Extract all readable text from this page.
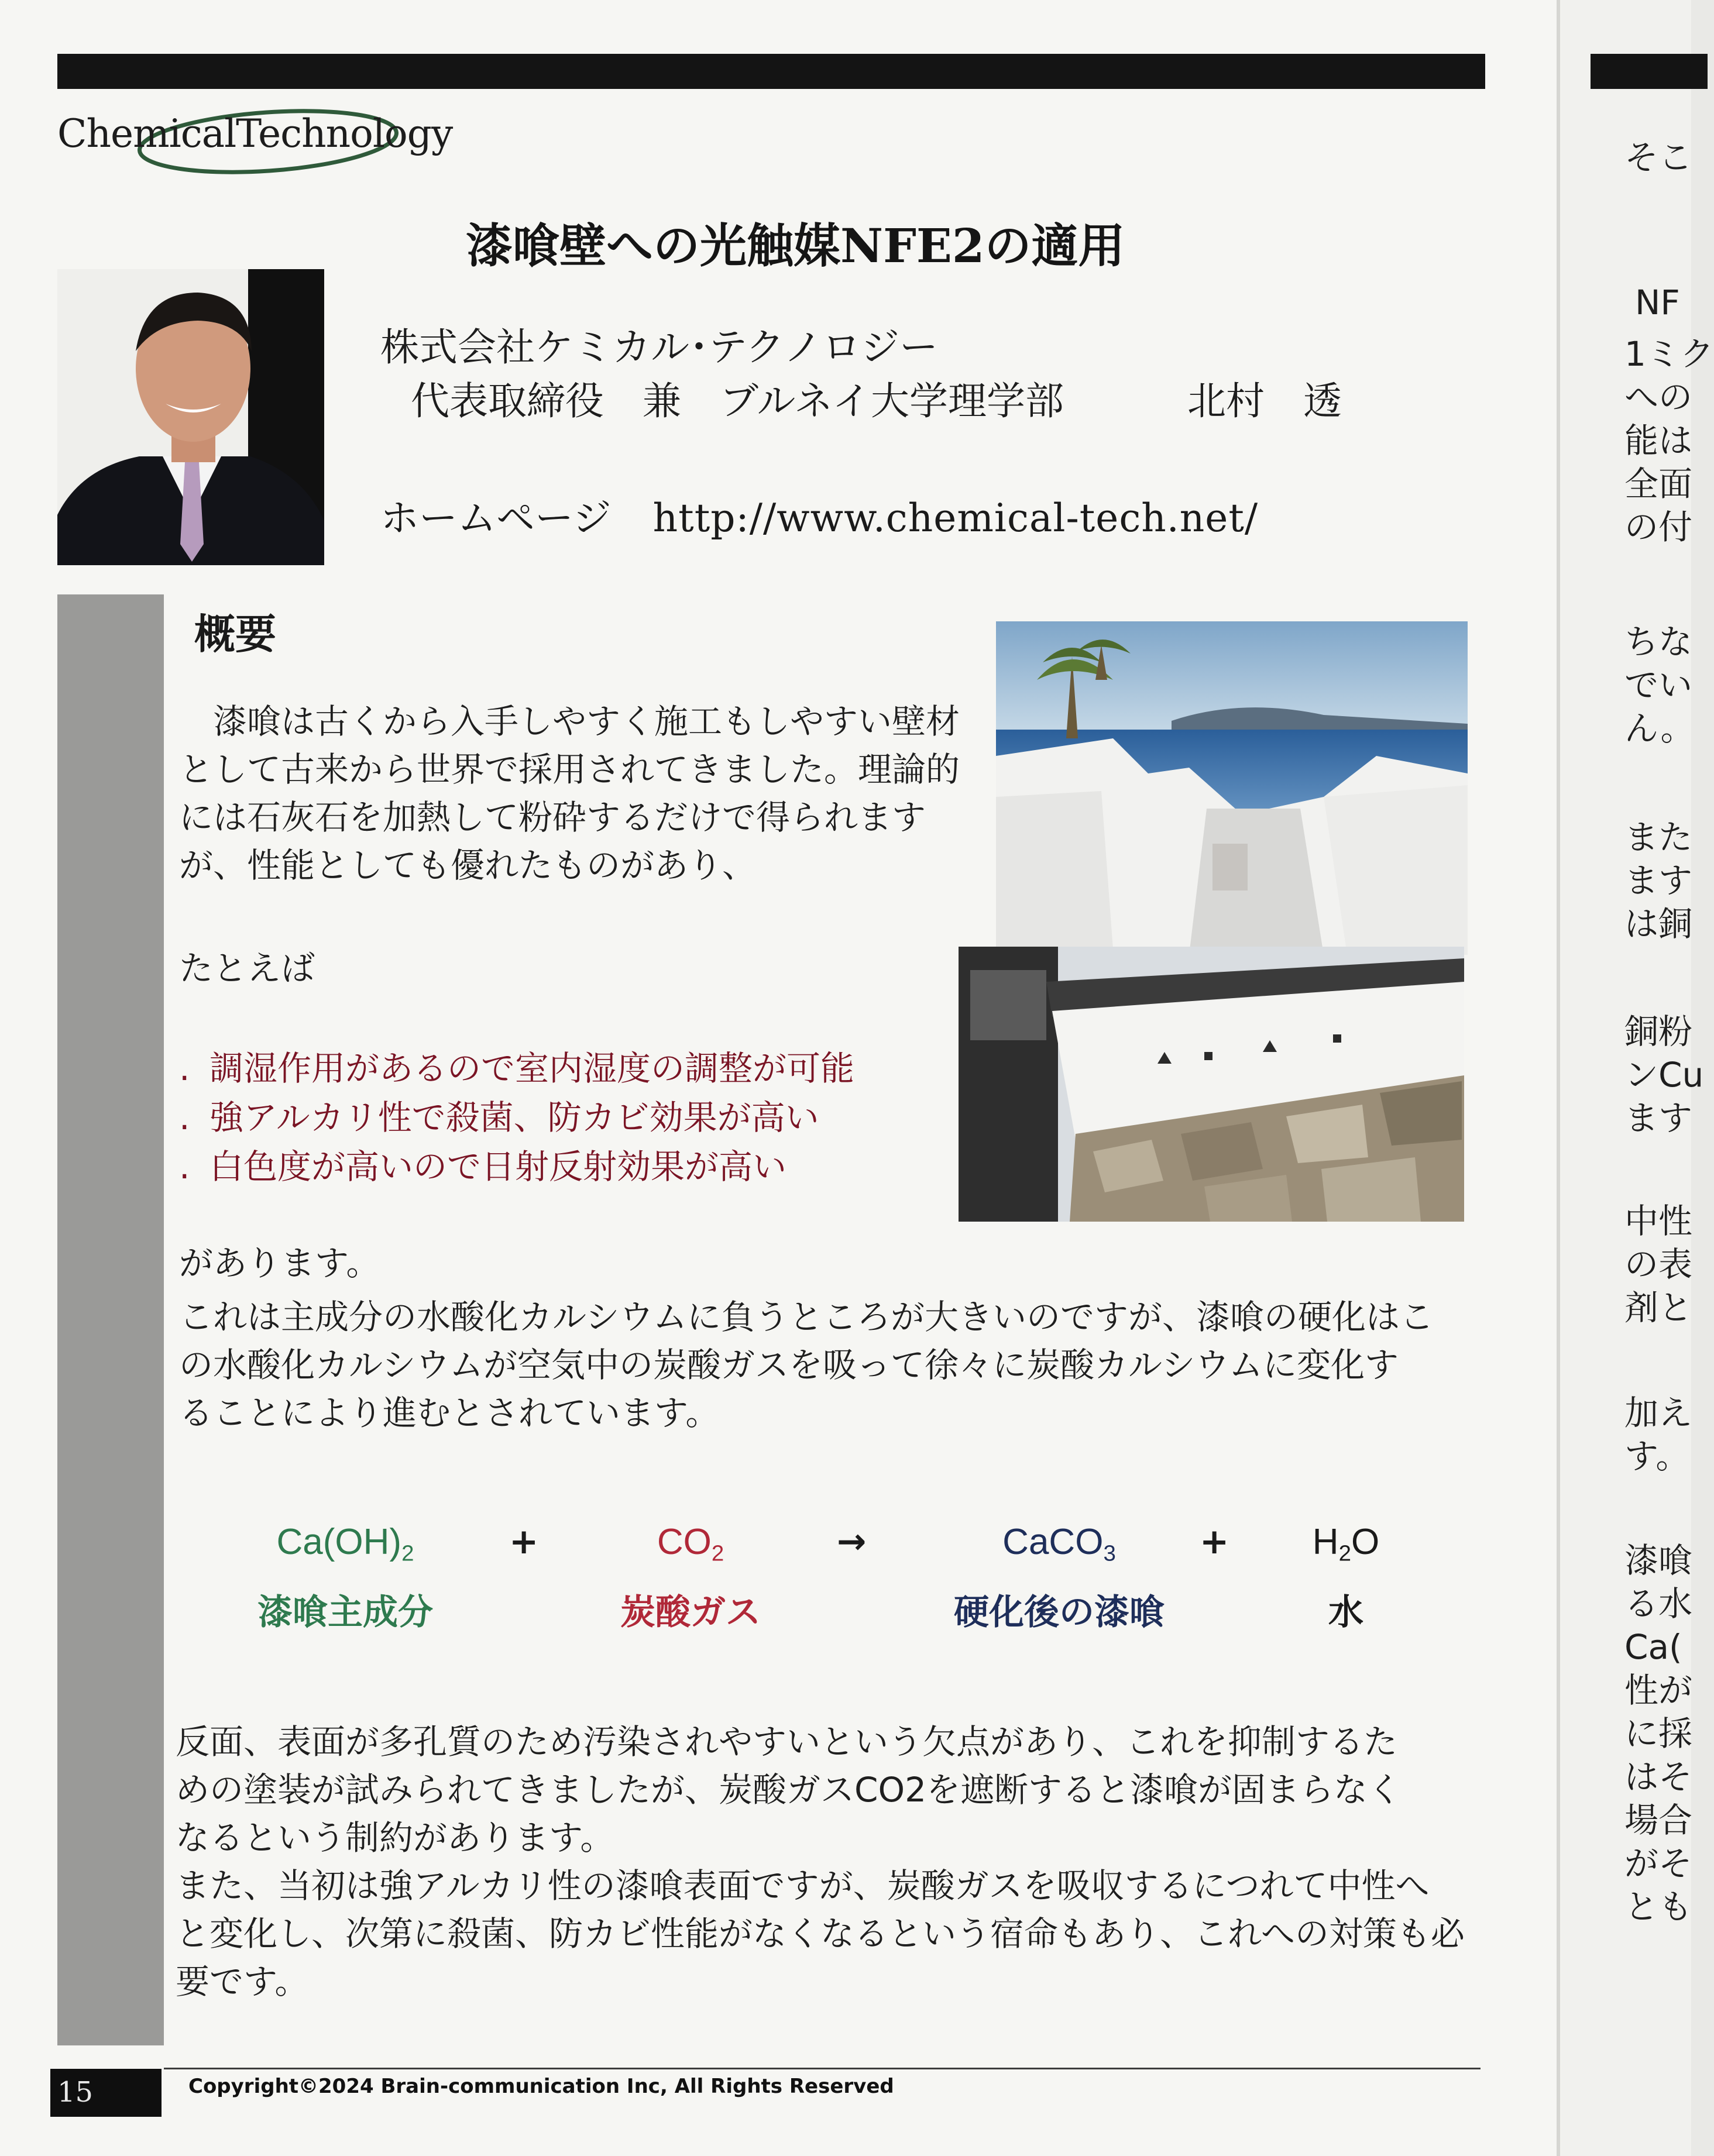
ChemicalTechnology
漆喰壁への光触媒NFE2の適用
株式会社ケミカル･テクノロジー
代表取締役　兼　ブルネイ大学理学部	北村　透
ホームページ http://www.chemical-tech.net/
概要

　漆喰は古くから入手しやすく施工もしやすい壁材

として古来から世界で採用されてきました。理論的

には石灰石を加熱して粉砕するだけで得られます

が、性能としても優れたものがあり、

たとえば
. 調湿作用があるので室内湿度の調整が可能
. 強アルカリ性で殺菌、防カビ効果が高い
. 白色度が高いので日射反射効果が高い
があります。

これは主成分の水酸化カルシウムに負うところが大きいのですが、漆喰の硬化はこ

の水酸化カルシウムが空気中の炭酸ガスを吸って徐々に炭酸カルシウムに変化す

ることにより進むとされています。

$Ca(OH)_2$
漆喰主成分
+	$CO_2$
炭酸ガス
→	CaCO$_3$
硬化後の漆喰
+	$H_2O$
水

反面、表面が多孔質のため汚染されやすいという欠点があり、これを抑制するた

めの塗装が試みられてきましたが、炭酸ガスCO2を遮断すると漆喰が固まらなく

なるという制約があります。

また、当初は強アルカリ性の漆喰表面ですが、炭酸ガスを吸収するにつれて中性へ

と変化し、次第に殺菌、防カビ性能がなくなるという宿命もあり、これへの対策も必

要です。

15	Copyright©2024 Brain-communication Inc, All Rights Reserved
そこ
NF
1ミク
への
能は
全面
の付
ちな
でい
ん。
また
ます
は銅
銅粉
ンCu
ます
中性
の表
剤と
加え
す。
漆喰
る水
Ca(
性が
に採
はそ
場合
がそ
とも
